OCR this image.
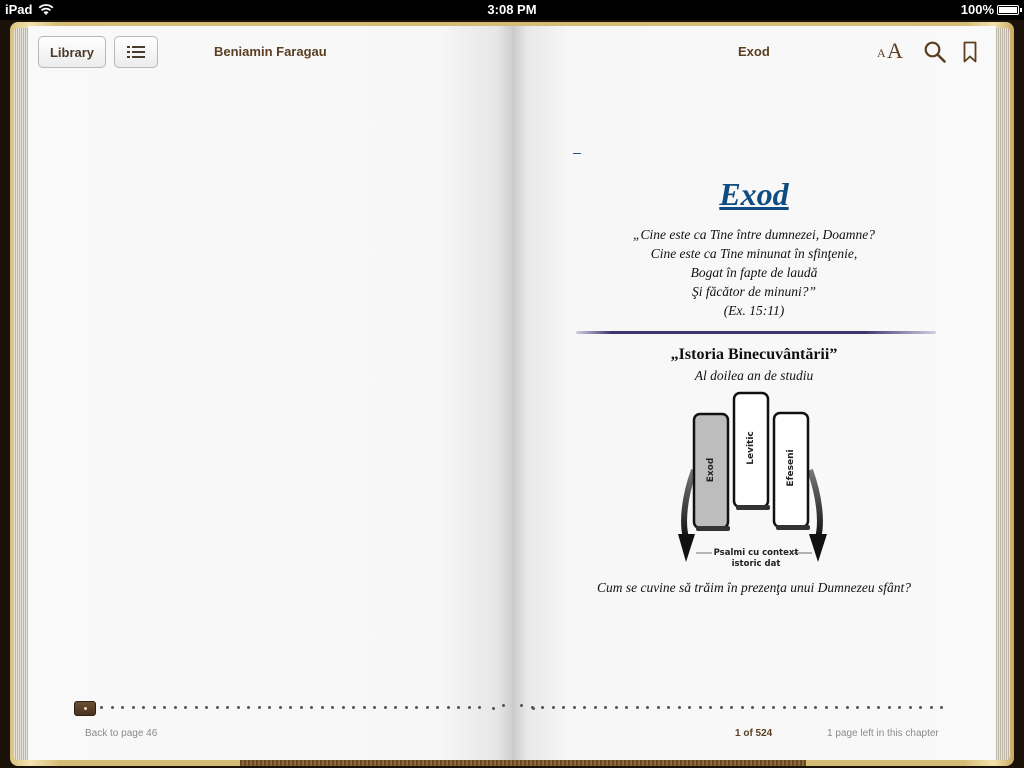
iPad	3:08 PM	100%
Library	Beniamin Faragau	Exod	A A
Exod
„Cine este ca Tine între dumnezei, Doamne?
Cine este ca Tine minunat în sfinţenie,
Bogat în fapte de laudă
Şi făcător de minuni?”
(Ex. 15:11)
„Istoria Binecuvântării”
Al doilea an de studiu
Exod
Levitic
Efeseni
Psalmi cu context
istoric dat
Cum se cuvine să trăim în prezenţa unui Dumnezeu sfânt?
Back to page 46	1 of 524	1 page left in this chapter
